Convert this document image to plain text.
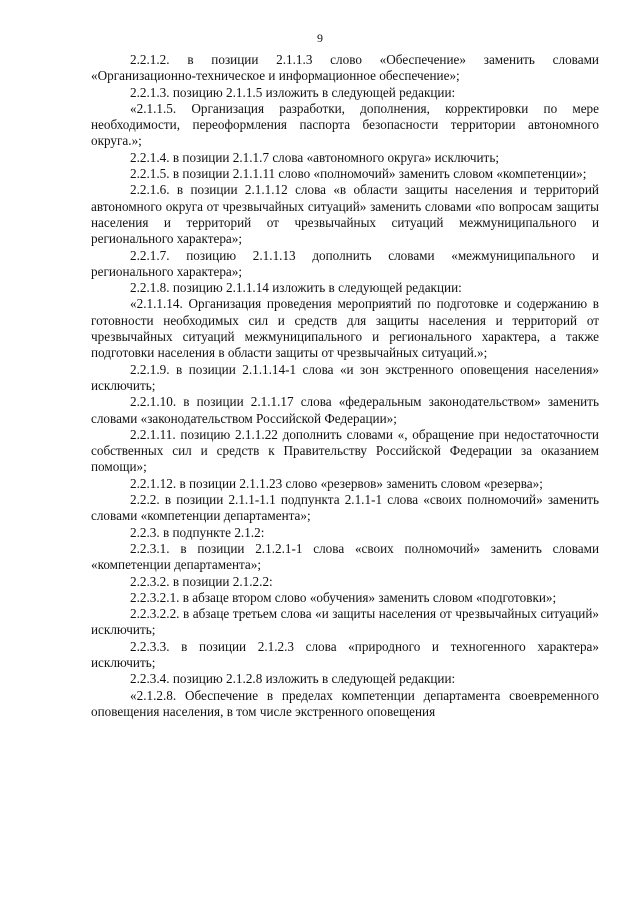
9

2.2.1.2. в позиции 2.1.1.3 слово «Обеспечение» заменить словами «Организационно-техническое и информационное обеспечение»;

2.2.1.3. позицию 2.1.1.5 изложить в следующей редакции:

«2.1.1.5. Организация разработки, дополнения, корректировки по мере необходимости, переоформления паспорта безопасности территории автономного округа.»;

2.2.1.4. в позиции 2.1.1.7 слова «автономного округа» исключить;

2.2.1.5. в позиции 2.1.1.11 слово «полномочий» заменить словом «компетенции»;

2.2.1.6. в позиции 2.1.1.12 слова «в области защиты населения и территорий автономного округа от чрезвычайных ситуаций» заменить словами «по вопросам защиты населения и территорий от чрезвычайных ситуаций межмуниципального и регионального характера»;

2.2.1.7. позицию 2.1.1.13 дополнить словами «межмуниципального и регионального характера»;

2.2.1.8. позицию 2.1.1.14 изложить в следующей редакции:

«2.1.1.14. Организация проведения мероприятий по подготовке и содержанию в готовности необходимых сил и средств для защиты населения и территорий от чрезвычайных ситуаций межмуниципального и регионального характера, а также подготовки населения в области защиты от чрезвычайных ситуаций.»;

2.2.1.9. в позиции 2.1.1.14-1 слова «и зон экстренного оповещения населения» исключить;

2.2.1.10. в позиции 2.1.1.17 слова «федеральным законодательством» заменить словами «законодательством Российской Федерации»;

2.2.1.11. позицию 2.1.1.22 дополнить словами «, обращение при недостаточности собственных сил и средств к Правительству Российской Федерации за оказанием помощи»;

2.2.1.12. в позиции 2.1.1.23 слово «резервов» заменить словом «резерва»;

2.2.2. в позиции 2.1.1-1.1 подпункта 2.1.1-1 слова «своих полномочий» заменить словами «компетенции департамента»;

2.2.3. в подпункте 2.1.2:

2.2.3.1. в позиции 2.1.2.1-1 слова «своих полномочий» заменить словами «компетенции департамента»;

2.2.3.2. в позиции 2.1.2.2:

2.2.3.2.1. в абзаце втором слово «обучения» заменить словом «подготовки»;

2.2.3.2.2. в абзаце третьем слова «и защиты населения от чрезвычайных ситуаций» исключить;

2.2.3.3. в позиции 2.1.2.3 слова «природного и техногенного характера» исключить;

2.2.3.4. позицию 2.1.2.8 изложить в следующей редакции:

«2.1.2.8. Обеспечение в пределах компетенции департамента своевременного оповещения населения, в том числе экстренного оповещения
